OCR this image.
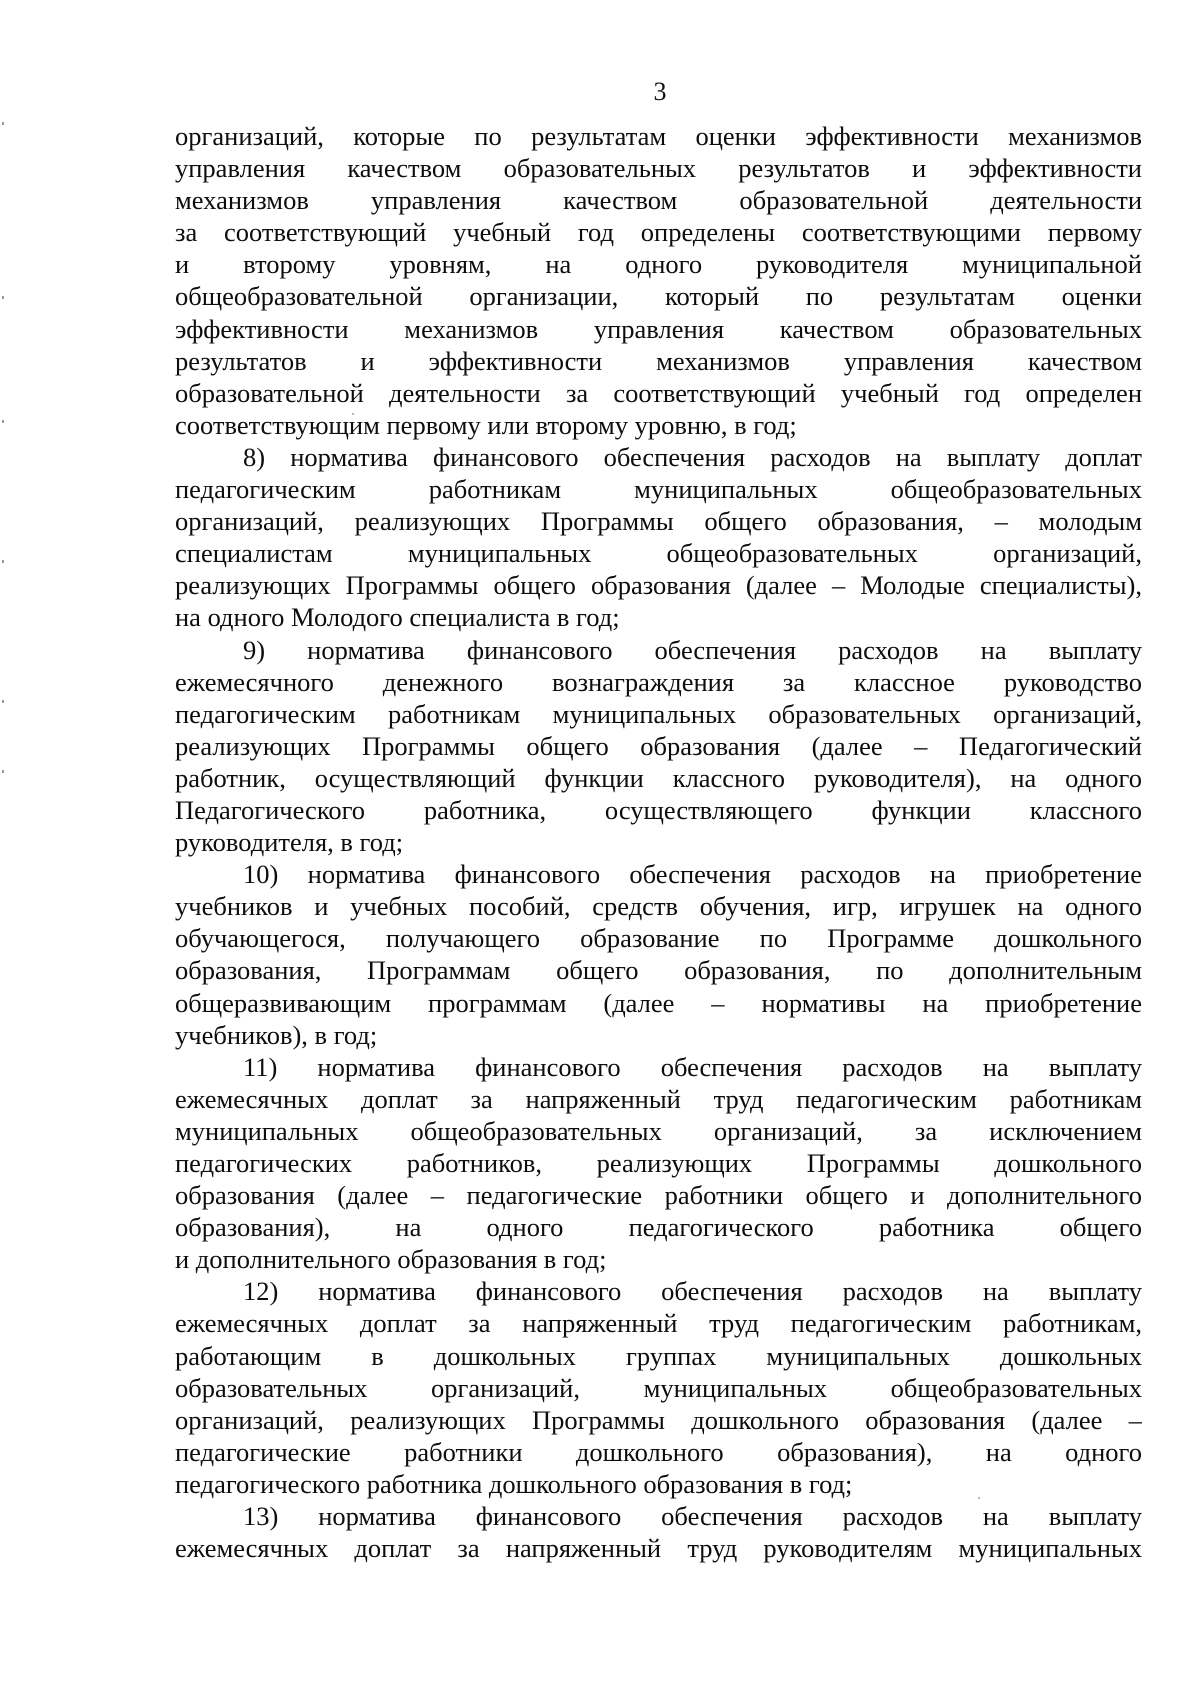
3
организаций, которые по результатам оценки эффективности механизмов
управления качеством образовательных результатов и эффективности
механизмов управления качеством образовательной деятельности
за соответствующий учебный год определены соответствующими первому
и второму уровням, на одного руководителя муниципальной
общеобразовательной организации, который по результатам оценки
эффективности механизмов управления качеством образовательных
результатов и эффективности механизмов управления качеством
образовательной деятельности за соответствующий учебный год определен
соответствующим первому или второму уровню, в год;
8) норматива финансового обеспечения расходов на выплату доплат
педагогическим работникам муниципальных общеобразовательных
организаций, реализующих Программы общего образования, – молодым
специалистам муниципальных общеобразовательных организаций,
реализующих Программы общего образования (далее – Молодые специалисты),
на одного Молодого специалиста в год;
9) норматива финансового обеспечения расходов на выплату
ежемесячного денежного вознаграждения за классное руководство
педагогическим работникам муниципальных образовательных организаций,
реализующих Программы общего образования (далее – Педагогический
работник, осуществляющий функции классного руководителя), на одного
Педагогического работника, осуществляющего функции классного
руководителя, в год;
10) норматива финансового обеспечения расходов на приобретение
учебников и учебных пособий, средств обучения, игр, игрушек на одного
обучающегося, получающего образование по Программе дошкольного
образования, Программам общего образования, по дополнительным
общеразвивающим программам (далее – нормативы на приобретение
учебников), в год;
11) норматива финансового обеспечения расходов на выплату
ежемесячных доплат за напряженный труд педагогическим работникам
муниципальных общеобразовательных организаций, за исключением
педагогических работников, реализующих Программы дошкольного
образования (далее – педагогические работники общего и дополнительного
образования), на одного педагогического работника общего
и дополнительного образования в год;
12) норматива финансового обеспечения расходов на выплату
ежемесячных доплат за напряженный труд педагогическим работникам,
работающим в дошкольных группах муниципальных дошкольных
образовательных организаций, муниципальных общеобразовательных
организаций, реализующих Программы дошкольного образования (далее –
педагогические работники дошкольного образования), на одного
педагогического работника дошкольного образования в год;
13) норматива финансового обеспечения расходов на выплату
ежемесячных доплат за напряженный труд руководителям муниципальных
